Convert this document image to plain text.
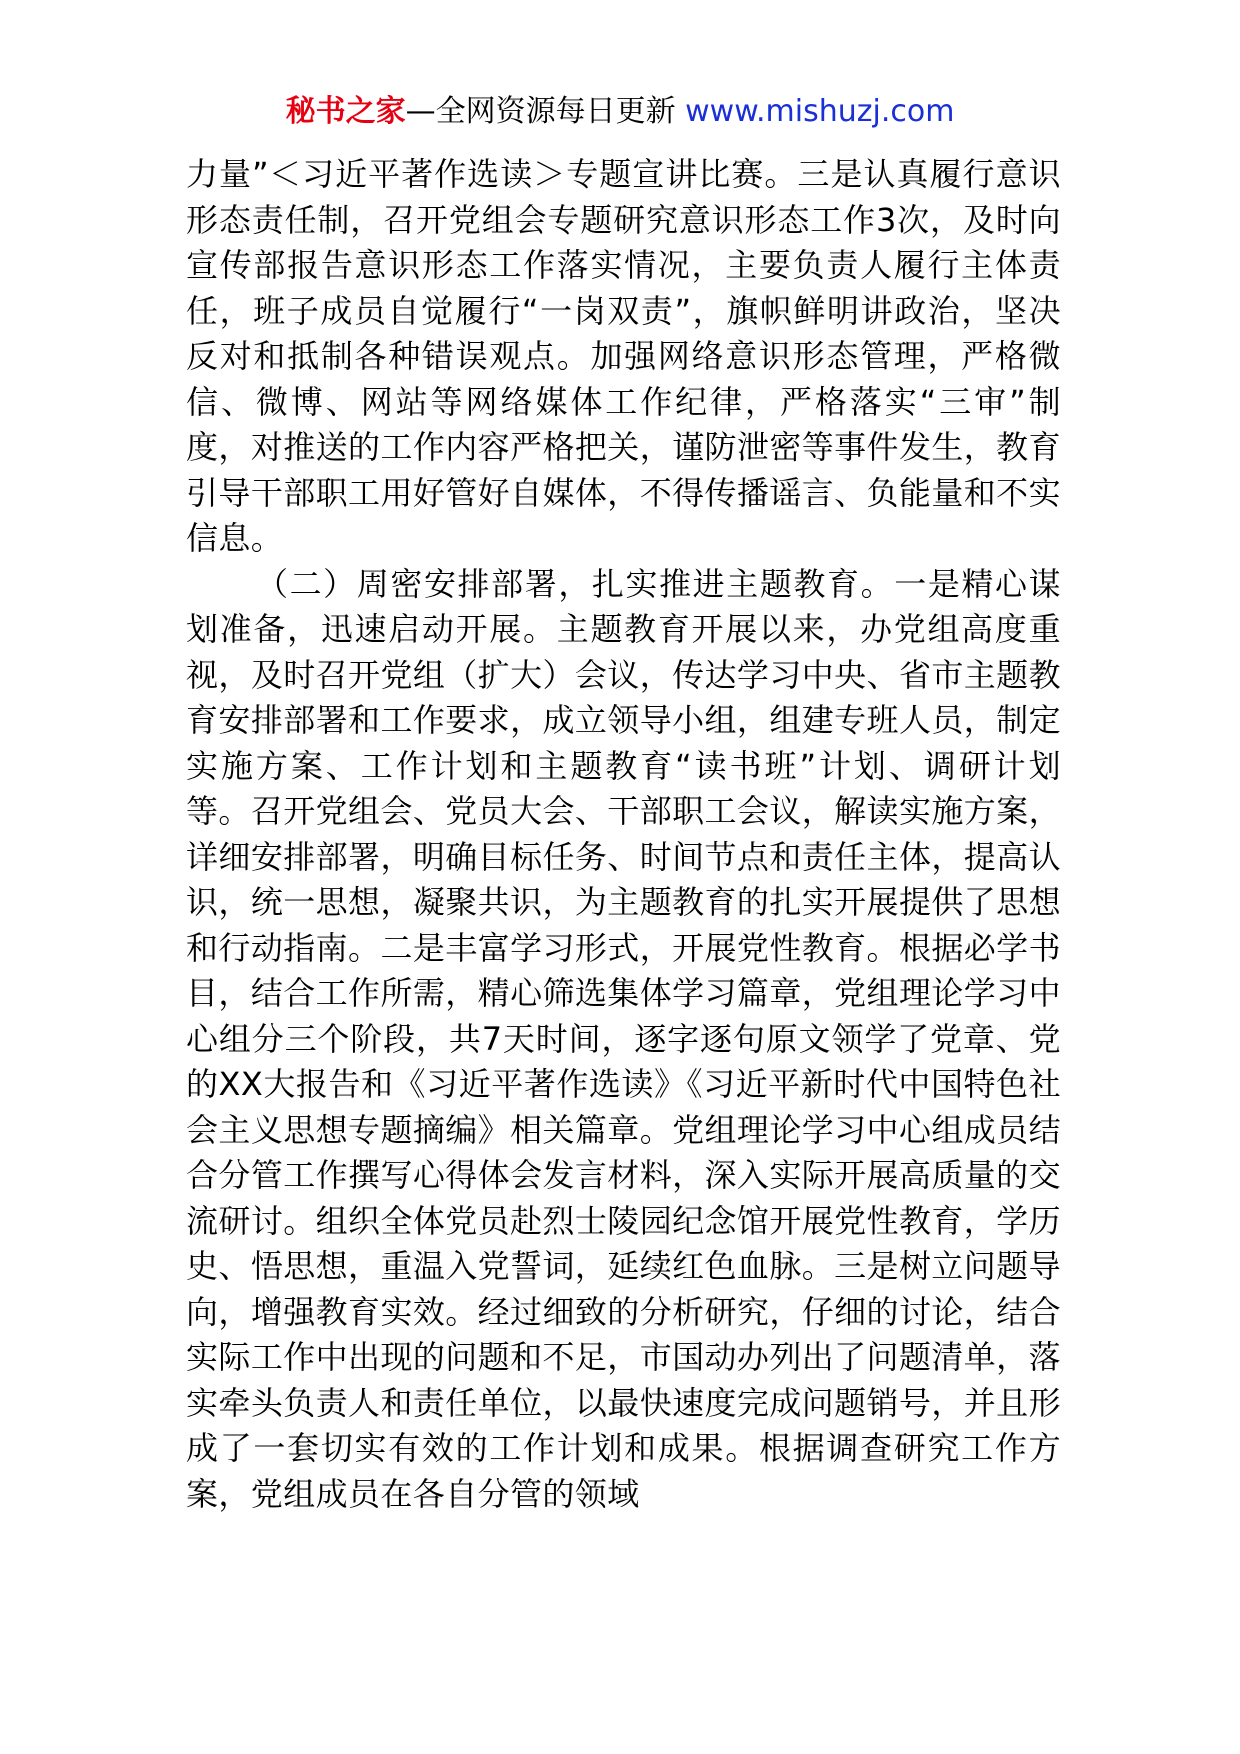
秘书之家—全网资源每日更新 www.mishuzj.com

力量”＜习近平著作选读＞专题宣讲比赛。三是认真履行意识形态责任制，召开党组会专题研究意识形态工作3次，及时向宣传部报告意识形态工作落实情况，主要负责人履行主体责任，班子成员自觉履行“一岗双责”，旗帜鲜明讲政治，坚决反对和抵制各种错误观点。加强网络意识形态管理，严格微信、微博、网站等网络媒体工作纪律，严格落实“三审”制度，对推送的工作内容严格把关，谨防泄密等事件发生，教育引导干部职工用好管好自媒体，不得传播谣言、负能量和不实信息。

（二）周密安排部署，扎实推进主题教育。一是精心谋划准备，迅速启动开展。主题教育开展以来，办党组高度重视，及时召开党组（扩大）会议，传达学习中央、省市主题教育安排部署和工作要求，成立领导小组，组建专班人员，制定实施方案、工作计划和主题教育“读书班”计划、调研计划等。召开党组会、党员大会、干部职工会议，解读实施方案，详细安排部署，明确目标任务、时间节点和责任主体，提高认识，统一思想，凝聚共识，为主题教育的扎实开展提供了思想和行动指南。二是丰富学习形式，开展党性教育。根据必学书目，结合工作所需，精心筛选集体学习篇章，党组理论学习中心组分三个阶段，共7天时间，逐字逐句原文领学了党章、党的XX大报告和《习近平著作选读》《习近平新时代中国特色社会主义思想专题摘编》相关篇章。党组理论学习中心组成员结合分管工作撰写心得体会发言材料，深入实际开展高质量的交流研讨。组织全体党员赴烈士陵园纪念馆开展党性教育，学历史、悟思想，重温入党誓词，延续红色血脉。三是树立问题导向，增强教育实效。经过细致的分析研究，仔细的讨论，结合实际工作中出现的问题和不足，市国动办列出了问题清单，落实牵头负责人和责任单位，以最快速度完成问题销号，并且形成了一套切实有效的工作计划和成果。根据调查研究工作方案，党组成员在各自分管的领域
